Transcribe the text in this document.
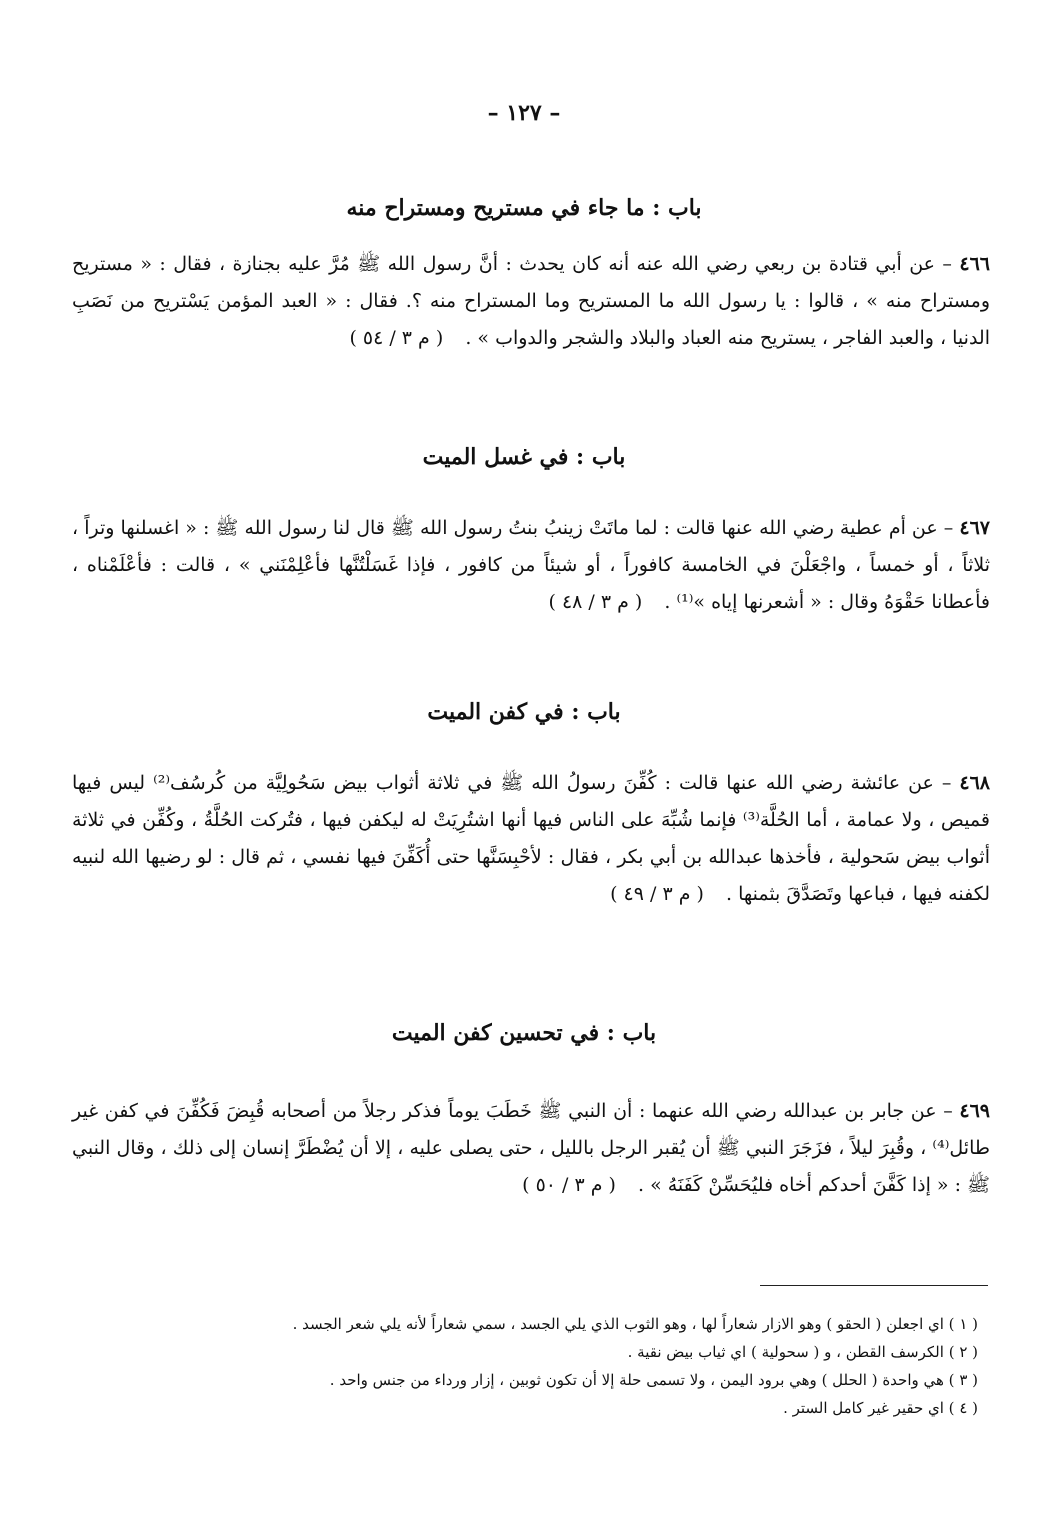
– ١٢٧ –
باب : ما جاء في مستريح ومستراح منه

٤٦٦ – عن أبي قتادة بن ربعي رضي الله عنه أنه كان يحدث : أنَّ رسول الله ﷺ مُرَّ عليه بجنازة ، فقال : « مستريح ومستراح منه » ، قالوا : يا رسول الله ما المستريح وما المستراح منه ؟. فقال : « العبد المؤمن يَسْتريح من نَصَبِ الدنيا ، والعبد الفاجر ، يستريح منه العباد والبلاد والشجر والدواب » . ( م ٣ / ٥٤ )

باب : في غسل الميت

٤٦٧ – عن أم عطية رضي الله عنها قالت : لما ماتَتْ زينبُ بنتُ رسول الله ﷺ قال لنا رسول الله ﷺ : « اغسلنها وتراً ، ثلاثاً ، أو خمساً ، واجْعَلْنَ في الخامسة كافوراً ، أو شيئاً من كافور ، فإذا غَسَلْتُنَّها فأعْلِمْنَني » ، قالت : فأعْلَمْناه ، فأعطانا حَقْوَهُ وقال : « أشعرنها إياه »⁽¹⁾ . ( م ٣ / ٤٨ )

باب : في كفن الميت

٤٦٨ – عن عائشة رضي الله عنها قالت : كُفِّنَ رسولُ الله ﷺ في ثلاثة أثواب بيض سَحُولِيَّة من كُرسُف⁽²⁾ ليس فيها قميص ، ولا عمامة ، أما الحُلَّة⁽³⁾ فإنما شُبِّهَ على الناس فيها أنها اشتُرِيَتْ له ليكفن فيها ، فتُركت الحُلَّةُ ، وكُفِّن في ثلاثة أثواب بيض سَحولية ، فأخذها عبدالله بن أبي بكر ، فقال : لأحْبِسَنَّها حتى أُكَفِّنَ فيها نفسي ، ثم قال : لو رضيها الله لنبيه لكفنه فيها ، فباعها وتَصَدَّقَ بثمنها . ( م ٣ / ٤٩ )

باب : في تحسين كفن الميت

٤٦٩ – عن جابر بن عبدالله رضي الله عنهما : أن النبي ﷺ خَطَبَ يوماً فذكر رجلاً من أصحابه قُبِضَ فَكُفِّنَ في كفن غير طائل⁽⁴⁾ ، وقُبِرَ ليلاً ، فزَجَرَ النبي ﷺ أن يُقبر الرجل بالليل ، حتى يصلى عليه ، إلا أن يُضْطَرَّ إنسان إلى ذلك ، وقال النبي ﷺ : « إذا كَفَّنَ أحدكم أخاه فليُحَسِّنْ كَفَنَهُ » . ( م ٣ / ٥٠ )

( ١ ) اي اجعلن ( الحقو ) وهو الازار شعاراً لها ، وهو الثوب الذي يلي الجسد ، سمي شعاراً لأنه يلي شعر الجسد .
( ٢ ) الكرسف القطن ، و ( سحولية ) اي ثياب بيض نقية .
( ٣ ) هي واحدة ( الحلل ) وهي برود اليمن ، ولا تسمى حلة إلا أن تكون ثوبين ، إزار ورداء من جنس واحد .
( ٤ ) اي حقير غير كامل الستر .
